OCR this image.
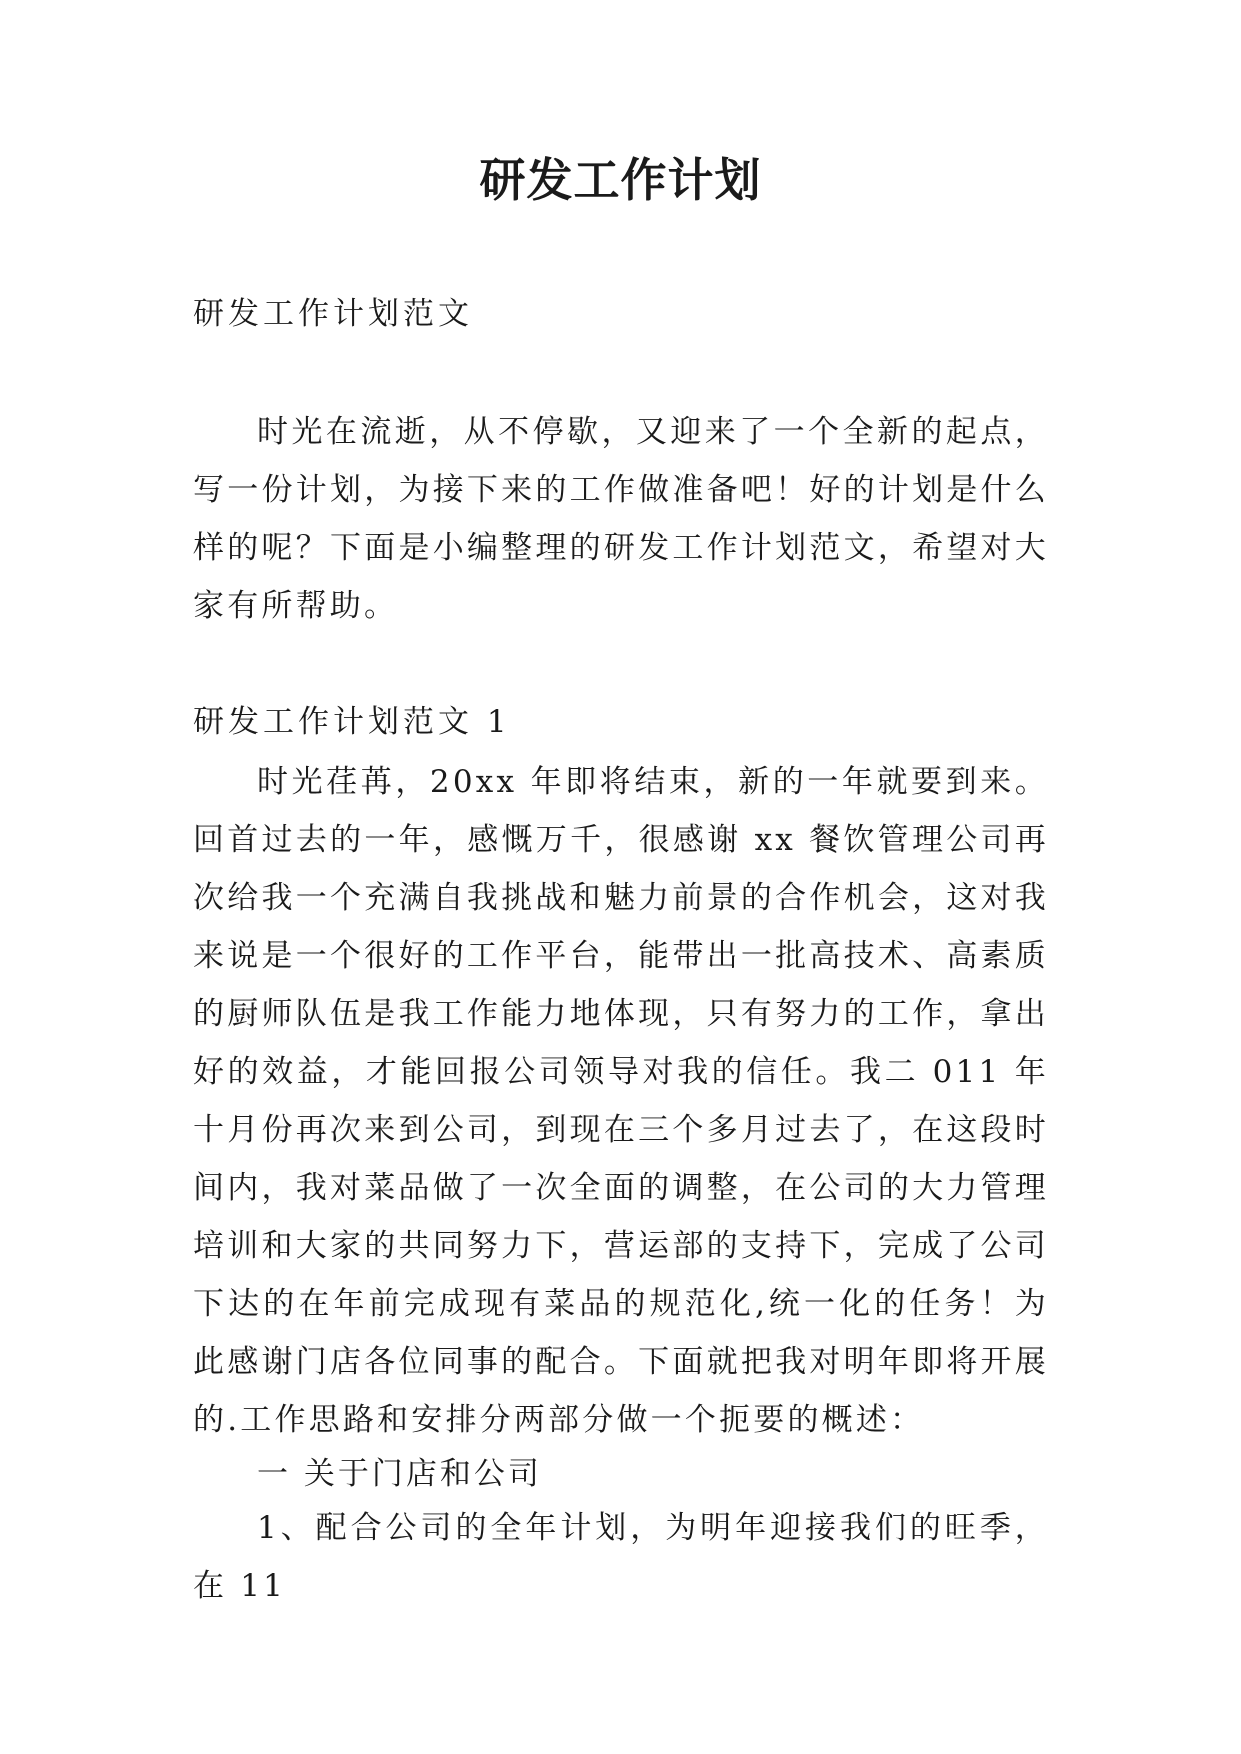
研发工作计划
研发工作计划范文

时光在流逝，从不停歇，又迎来了一个全新的起点，写一份计划，为接下来的工作做准备吧！好的计划是什么样的呢？下面是小编整理的研发工作计划范文，希望对大家有所帮助。

研发工作计划范文 1

时光荏苒，20xx 年即将结束，新的一年就要到来。回首过去的一年，感慨万千，很感谢 xx 餐饮管理公司再次给我一个充满自我挑战和魅力前景的合作机会，这对我来说是一个很好的工作平台，能带出一批高技术、高素质的厨师队伍是我工作能力地体现，只有努力的工作，拿出好的效益，才能回报公司领导对我的信任。我二 011 年十月份再次来到公司，到现在三个多月过去了，在这段时间内，我对菜品做了一次全面的调整，在公司的大力管理培训和大家的共同努力下，营运部的支持下，完成了公司下达的在年前完成现有菜品的规范化,统一化的任务！为此感谢门店各位同事的配合。下面就把我对明年即将开展的.工作思路和安排分两部分做一个扼要的概述：

一 关于门店和公司

1、配合公司的全年计划，为明年迎接我们的旺季，在 11
